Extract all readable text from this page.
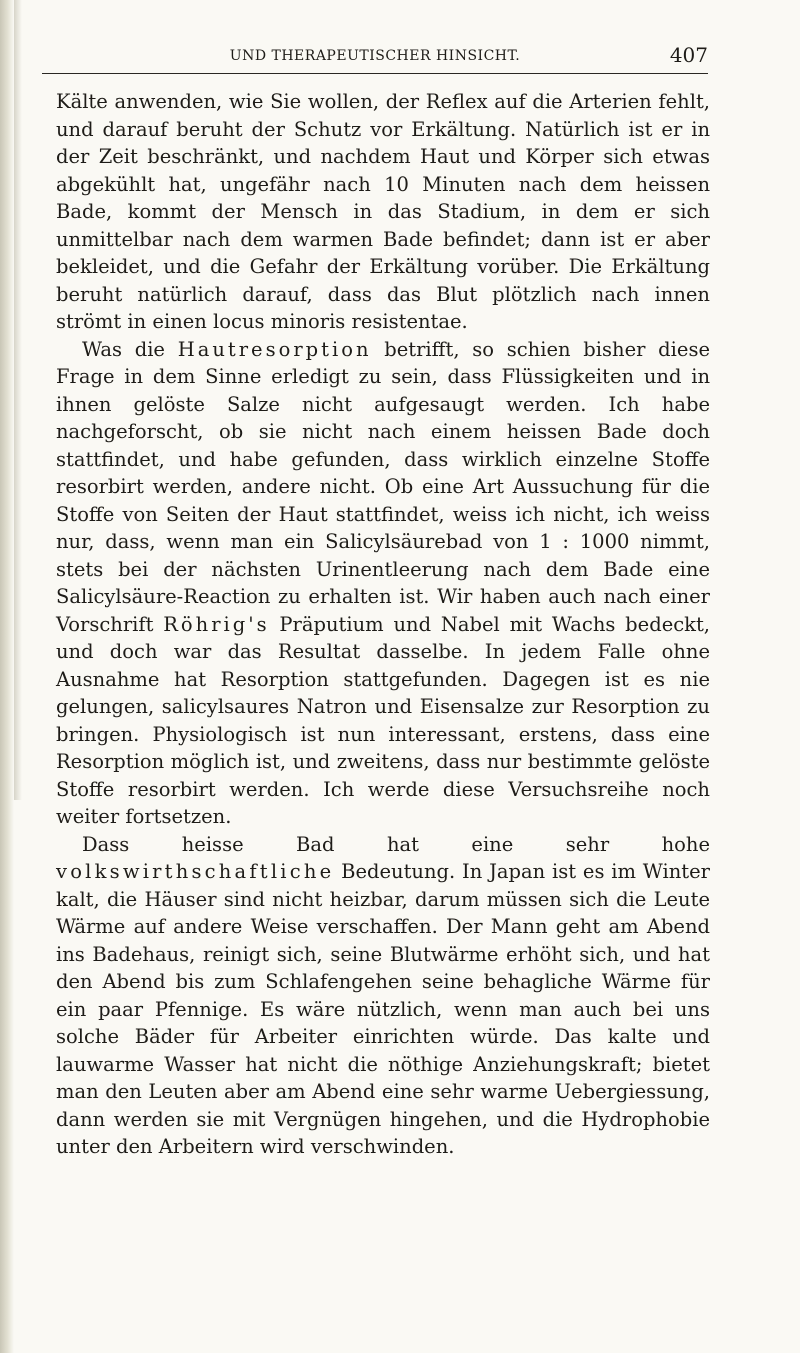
UND THERAPEUTISCHER HINSICHT.	407

Kälte anwenden, wie Sie wollen, der Reflex auf die Arterien fehlt, und darauf beruht der Schutz vor Erkältung. Natürlich ist er in der Zeit beschränkt, und nachdem Haut und Körper sich etwas abgekühlt hat, ungefähr nach 10 Minuten nach dem heissen Bade, kommt der Mensch in das Stadium, in dem er sich unmittelbar nach dem warmen Bade befindet; dann ist er aber bekleidet, und die Gefahr der Erkältung vorüber. Die Erkältung beruht natürlich darauf, dass das Blut plötzlich nach innen strömt in einen locus minoris resistentae.

Was die Hautresorption betrifft, so schien bisher diese Frage in dem Sinne erledigt zu sein, dass Flüssigkeiten und in ihnen gelöste Salze nicht aufgesaugt werden. Ich habe nachgeforscht, ob sie nicht nach einem heissen Bade doch stattfindet, und habe gefunden, dass wirklich einzelne Stoffe resorbirt werden, andere nicht. Ob eine Art Aussuchung für die Stoffe von Seiten der Haut stattfindet, weiss ich nicht, ich weiss nur, dass, wenn man ein Salicylsäurebad von 1 : 1000 nimmt, stets bei der nächsten Urinentleerung nach dem Bade eine Salicylsäure-Reaction zu erhalten ist. Wir haben auch nach einer Vorschrift Röhrig's Präputium und Nabel mit Wachs bedeckt, und doch war das Resultat dasselbe. In jedem Falle ohne Ausnahme hat Resorption stattgefunden. Dagegen ist es nie gelungen, salicylsaures Natron und Eisensalze zur Resorption zu bringen. Physiologisch ist nun interessant, erstens, dass eine Resorption möglich ist, und zweitens, dass nur bestimmte gelöste Stoffe resorbirt werden. Ich werde diese Versuchsreihe noch weiter fortsetzen.

Dass heisse Bad hat eine sehr hohe volkswirthschaftliche Bedeutung. In Japan ist es im Winter kalt, die Häuser sind nicht heizbar, darum müssen sich die Leute Wärme auf andere Weise verschaffen. Der Mann geht am Abend ins Badehaus, reinigt sich, seine Blutwärme erhöht sich, und hat den Abend bis zum Schlafengehen seine behagliche Wärme für ein paar Pfennige. Es wäre nützlich, wenn man auch bei uns solche Bäder für Arbeiter einrichten würde. Das kalte und lauwarme Wasser hat nicht die nöthige Anziehungskraft; bietet man den Leuten aber am Abend eine sehr warme Uebergiessung, dann werden sie mit Vergnügen hingehen, und die Hydrophobie unter den Arbeitern wird verschwinden.
